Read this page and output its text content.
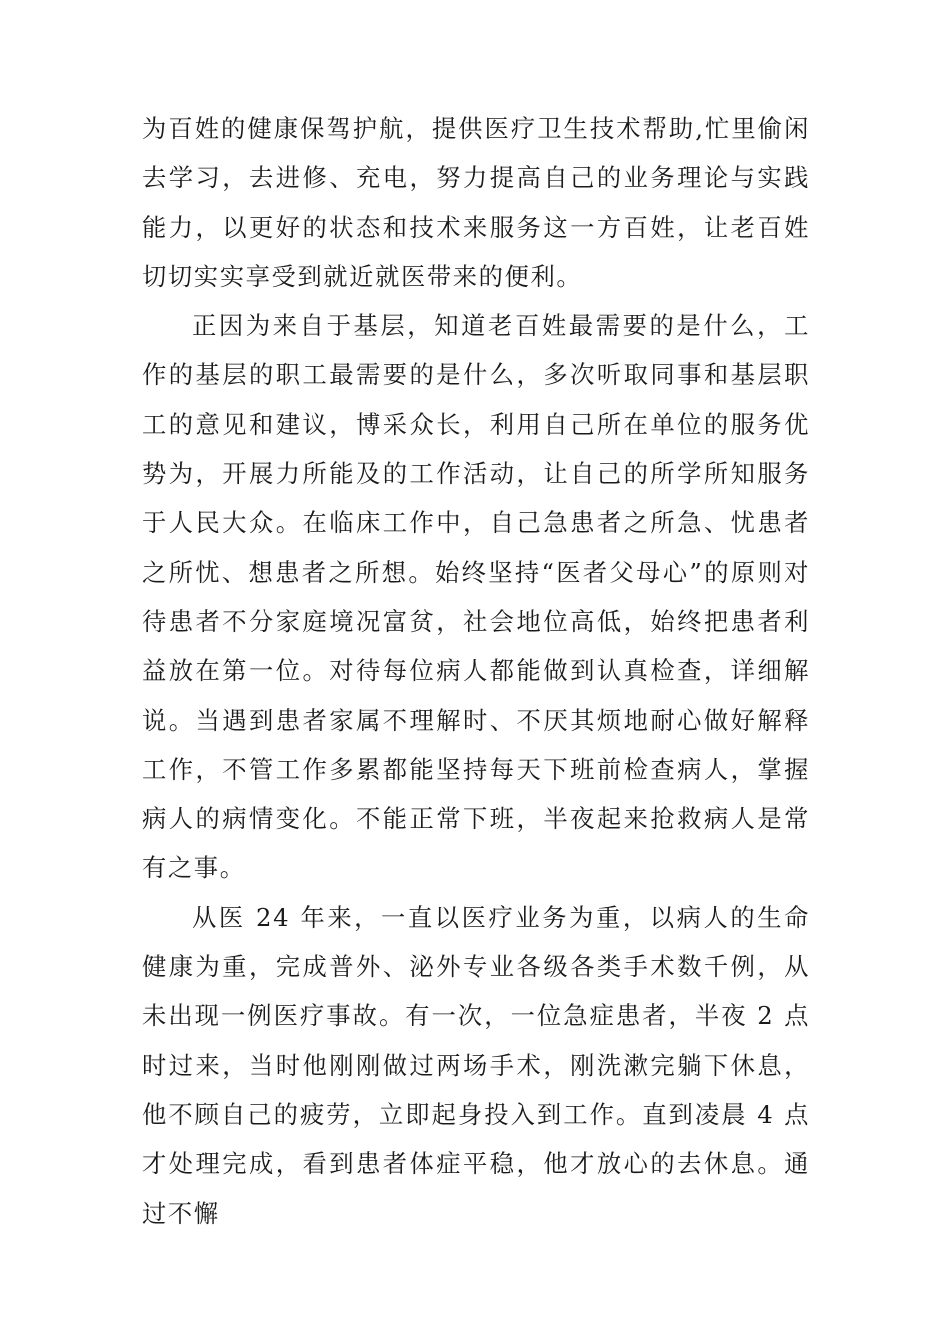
为百姓的健康保驾护航，提供医疗卫生技术帮助,忙里偷闲去学习，去进修、充电，努力提高自己的业务理论与实践能力，以更好的状态和技术来服务这一方百姓，让老百姓切切实实享受到就近就医带来的便利。

正因为来自于基层，知道老百姓最需要的是什么，工作的基层的职工最需要的是什么，多次听取同事和基层职工的意见和建议，博采众长，利用自己所在单位的服务优势为，开展力所能及的工作活动，让自己的所学所知服务于人民大众。在临床工作中，自己急患者之所急、忧患者之所忧、想患者之所想。始终坚持“医者父母心”的原则对待患者不分家庭境况富贫，社会地位高低，始终把患者利益放在第一位。对待每位病人都能做到认真检查，详细解说。当遇到患者家属不理解时、不厌其烦地耐心做好解释工作，不管工作多累都能坚持每天下班前检查病人，掌握病人的病情变化。不能正常下班，半夜起来抢救病人是常有之事。

从医 24 年来，一直以医疗业务为重，以病人的生命健康为重，完成普外、泌外专业各级各类手术数千例，从未出现一例医疗事故。有一次，一位急症患者，半夜 2 点时过来，当时他刚刚做过两场手术，刚洗漱完躺下休息，他不顾自己的疲劳，立即起身投入到工作。直到凌晨 4 点才处理完成，看到患者体症平稳，他才放心的去休息。通过不懈
